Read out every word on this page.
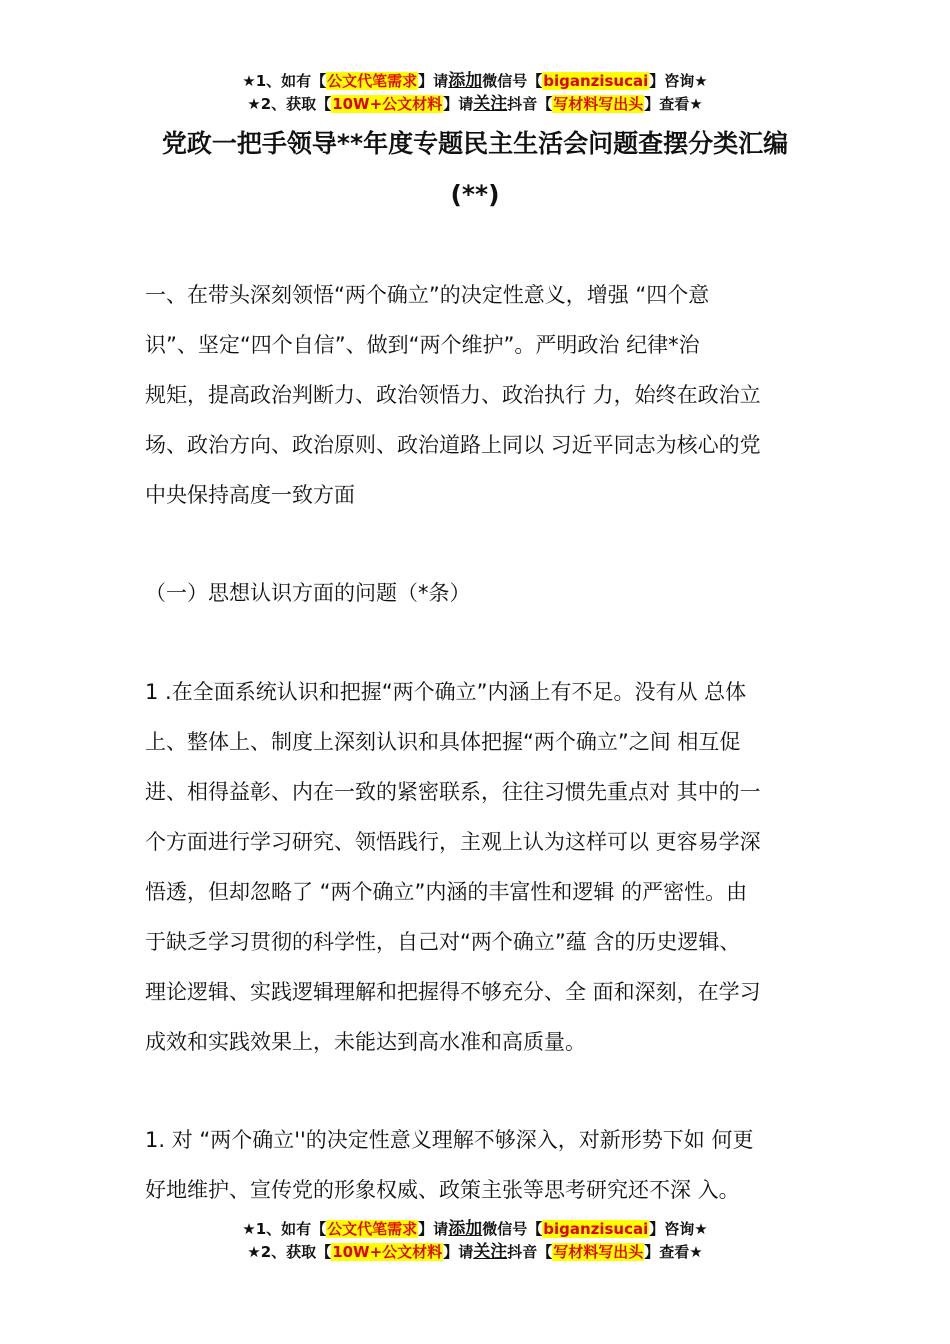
★1、如有【公文代笔需求】请添加微信号【biganzisucai】咨询★
★2、获取【10W+公文材料】请关注抖音【写材料写出头】查看★
党政一把手领导**年度专题民主生活会问题查摆分类汇编
(**)

一、在带头深刻领悟“两个确立”的决定性意义，增强 “四个意
识”、坚定“四个自信”、做到“两个维护”。严明政治 纪律*治
规矩，提高政治判断力、政治领悟力、政治执行 力，始终在政治立
场、政治方向、政治原则、政治道路上同以 习近平同志为核心的党
中央保持高度一致方面

（一）思想认识方面的问题（*条）

1 .在全面系统认识和把握“两个确立”内涵上有不足。没有从 总体
上、整体上、制度上深刻认识和具体把握“两个确立”之间 相互促
进、相得益彰、内在一致的紧密联系，往往习惯先重点对 其中的一
个方面进行学习研究、领悟践行，主观上认为这样可以 更容易学深
悟透，但却忽略了 “两个确立”内涵的丰富性和逻辑 的严密性。由
于缺乏学习贯彻的科学性，自己对“两个确立”蕴 含的历史逻辑、
理论逻辑、实践逻辑理解和把握得不够充分、全 面和深刻，在学习
成效和实践效果上，未能达到高水准和高质量。

1. 对 “两个确立''的决定性意义理解不够深入，对新形势下如 何更
好地维护、宣传党的形象权威、政策主张等思考研究还不深 入。

★1、如有【公文代笔需求】请添加微信号【biganzisucai】咨询★
★2、获取【10W+公文材料】请关注抖音【写材料写出头】查看★
